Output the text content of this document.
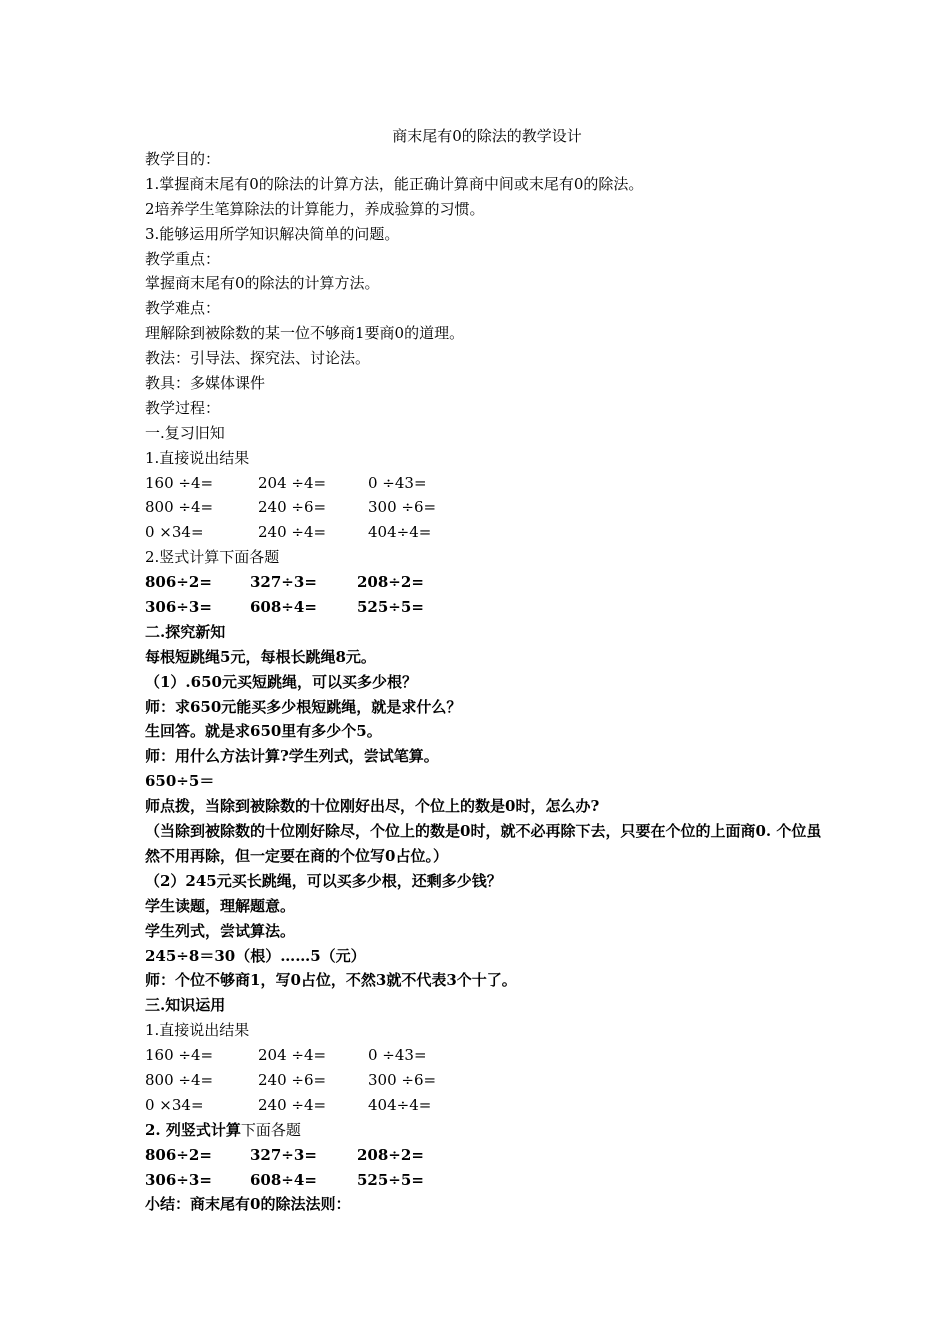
商末尾有0的除法的教学设计
教学目的：
1.掌握商末尾有0的除法的计算方法，能正确计算商中间或末尾有0的除法。
2培养学生笔算除法的计算能力，养成验算的习惯。
3.能够运用所学知识解决简单的问题。
教学重点：
掌握商末尾有0的除法的计算方法。
教学难点：
理解除到被除数的某一位不够商1要商0的道理。
教法：引导法、探究法、讨论法。
教具：多媒体课件
教学过程：
一.复习旧知
1.直接说出结果
160 ÷4=	204 ÷4=	0 ÷43=
800 ÷4=	240 ÷6=	300 ÷6=
0 ×34=	240 ÷4=	404÷4=
2.竖式计算下面各题
806÷2=	327÷3=	208÷2=
306÷3=	608÷4=	525÷5=
二.探究新知
每根短跳绳5元，每根长跳绳8元。
（1）.650元买短跳绳，可以买多少根？
师：求650元能买多少根短跳绳，就是求什么？
生回答。就是求650里有多少个5。
师：用什么方法计算?学生列式，尝试笔算。
650÷5＝
师点拨，当除到被除数的十位刚好出尽，个位上的数是0时，怎么办?
（当除到被除数的十位刚好除尽，个位上的数是0时，就不必再除下去，只要在个位的上面商0. 个位虽然不用再除，但一定要在商的个位写0占位。）
（2）245元买长跳绳，可以买多少根，还剩多少钱？
学生读题，理解题意。
学生列式，尝试算法。
245÷8＝30（根）……5（元）
师：个位不够商1，写0占位，不然3就不代表3个十了。
三.知识运用
1.直接说出结果
160 ÷4=	204 ÷4=	0 ÷43=
800 ÷4=	240 ÷6=	300 ÷6=
0 ×34=	240 ÷4=	404÷4=
2. 列竖式计算下面各题
806÷2=	327÷3=	208÷2=
306÷3=	608÷4=	525÷5=
小结：商末尾有0的除法法则：
